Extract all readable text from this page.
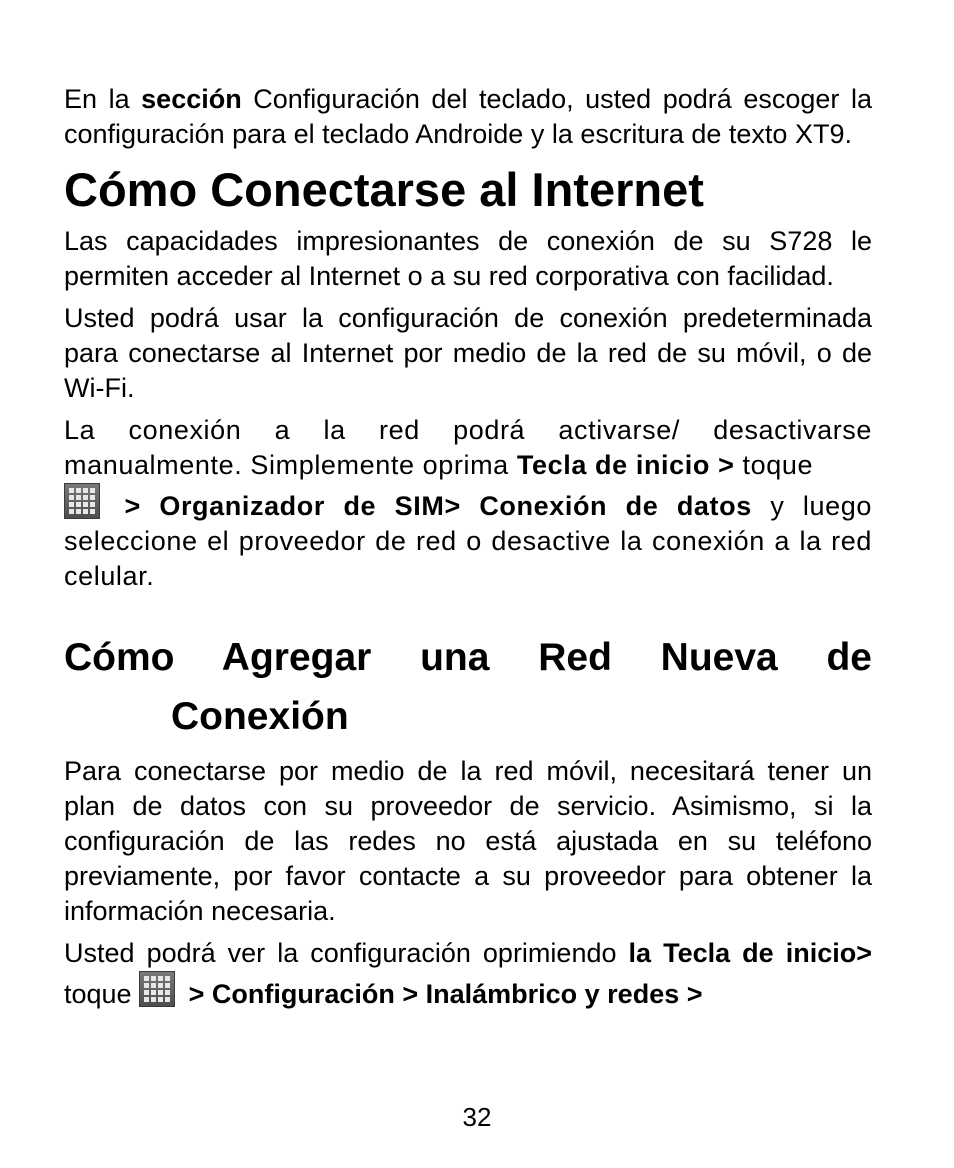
En la sección Configuración del teclado, usted podrá escoger la configuración para el teclado Androide y la escritura de texto XT9.

Cómo Conectarse al Internet

Las capacidades impresionantes de conexión de su S728 le permiten acceder al Internet o a su red corporativa con facilidad.

Usted podrá usar la configuración de conexión predeterminada para conectarse al Internet por medio de la red de su móvil, o de Wi-Fi.

La conexión a la red podrá activarse/ desactivarse manualmente. Simplemente oprima Tecla de inicio > toque

> Organizador de SIM> Conexión de datos y luego seleccione el proveedor de red o desactive la conexión a la red celular.

Cómo Agregar una Red Nueva de
Conexión

Para conectarse por medio de la red móvil, necesitará tener un plan de datos con su proveedor de servicio. Asimismo, si la configuración de las redes no está ajustada en su teléfono previamente, por favor contacte a su proveedor para obtener la información necesaria.

Usted podrá ver la configuración oprimiendo la Tecla de inicio> toque
> Configuración > Inalámbrico y redes >

32
